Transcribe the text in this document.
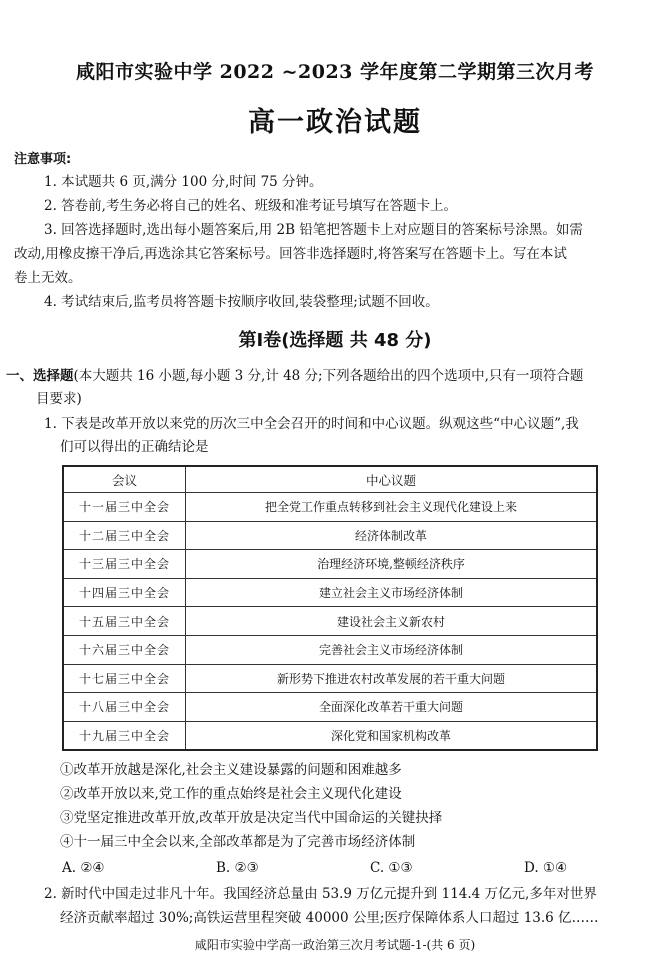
咸阳市实验中学 2022 ~2023 学年度第二学期第三次月考
高一政治试题
注意事项:
1. 本试题共 6 页,满分 100 分,时间 75 分钟。
2. 答卷前,考生务必将自己的姓名、班级和准考证号填写在答题卡上。
3. 回答选择题时,选出每小题答案后,用 2B 铅笔把答题卡上对应题目的答案标号涂黑。如需
改动,用橡皮擦干净后,再选涂其它答案标号。回答非选择题时,将答案写在答题卡上。写在本试
卷上无效。
4. 考试结束后,监考员将答题卡按顺序收回,装袋整理;试题不回收。
第Ⅰ卷(选择题 共 48 分)
一、选择题(本大题共 16 小题,每小题 3 分,计 48 分;下列各题给出的四个选项中,只有一项符合题
目要求)
1. 下表是改革开放以来党的历次三中全会召开的时间和中心议题。纵观这些“中心议题”,我
们可以得出的正确结论是
会议	中心议题
十一届三中全会	把全党工作重点转移到社会主义现代化建设上来
十二届三中全会	经济体制改革
十三届三中全会	治理经济环境,整顿经济秩序
十四届三中全会	建立社会主义市场经济体制
十五届三中全会	建设社会主义新农村
十六届三中全会	完善社会主义市场经济体制
十七届三中全会	新形势下推进农村改革发展的若干重大问题
十八届三中全会	全面深化改革若干重大问题
十九届三中全会	深化党和国家机构改革
①改革开放越是深化,社会主义建设暴露的问题和困难越多
②改革开放以来,党工作的重点始终是社会主义现代化建设
③党坚定推进改革开放,改革开放是决定当代中国命运的关键抉择
④十一届三中全会以来,全部改革都是为了完善市场经济体制
A. ②④	B. ②③	C. ①③	D. ①④
2. 新时代中国走过非凡十年。我国经济总量由 53.9 万亿元提升到 114.4 万亿元,多年对世界
经济贡献率超过 30%;高铁运营里程突破 40000 公里;医疗保障体系人口超过 13.6 亿……
咸阳市实验中学高一政治第三次月考试题-1-(共 6 页)
